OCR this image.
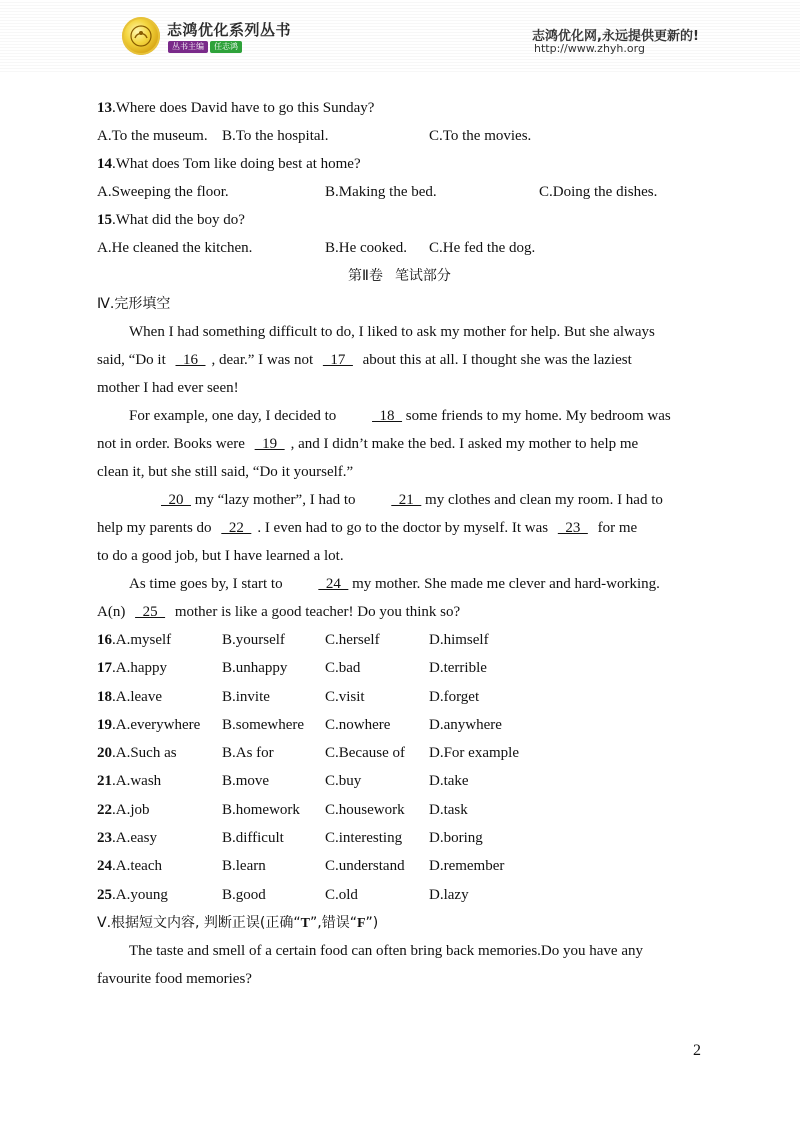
志鸿优化系列丛书
丛书主编 任志鸿
志鸿优化网,永远提供更新的!
http://www.zhyh.org
13.Where does David have to go this Sunday?
A.To the museum. B.To the hospital.	C.To the movies.
14.What does Tom like doing best at home?
A.Sweeping the floor.	B.Making the bed.	C.Doing the dishes.
15.What did the boy do?
A.He cleaned the kitchen.	B.He cooked. C.He fed the dog.
第Ⅱ卷 笔试部分
Ⅳ.完形填空
When I had something difficult to do, I liked to ask my mother for help. But she always
said, “Do it   16  , dear.” I was not   17   about this at all. I thought she was the laziest
mother I had ever seen!
For example, one day, I decided to   18   some friends to my home. My bedroom was
not in order. Books were   19  , and I didn’t make the bed. I asked my mother to help me
clean it, but she still said, “Do it yourself.”
20   my “lazy mother”, I had to   21   my clothes and clean my room. I had to
help my parents do   22  . I even had to go to the doctor by myself. It was   23   for me
to do a good job, but I have learned a lot.
As time goes by, I start to   24   my mother. She made me clever and hard-working.
A(n)   25   mother is like a good teacher! Do you think so?
16 .A.myself	B.yourself	C.herself	D.himself
17 .A.happy	B.unhappy	C.bad	D.terrible
18 .A.leave	B.invite	C.visit	D.forget
19 .A.everywhere B.somewhere C.nowhere	D.anywhere
20 .A.Such as	B.As for	C.Because of D.For example
21 .A.wash	B.move	C.buy	D.take
22 .A.job	B.homework C.housework D.task
23 .A.easy	B.difficult	C.interesting D.boring
24 .A.teach	B.learn	C.understand D.remember
25 .A.young	B.good	C.old	D.lazy
Ⅴ.根据短文内容, 判断正误(正确“T”,错误“F”)
The taste and smell of a certain food can often bring back memories.Do you have any
favourite food memories?
2
